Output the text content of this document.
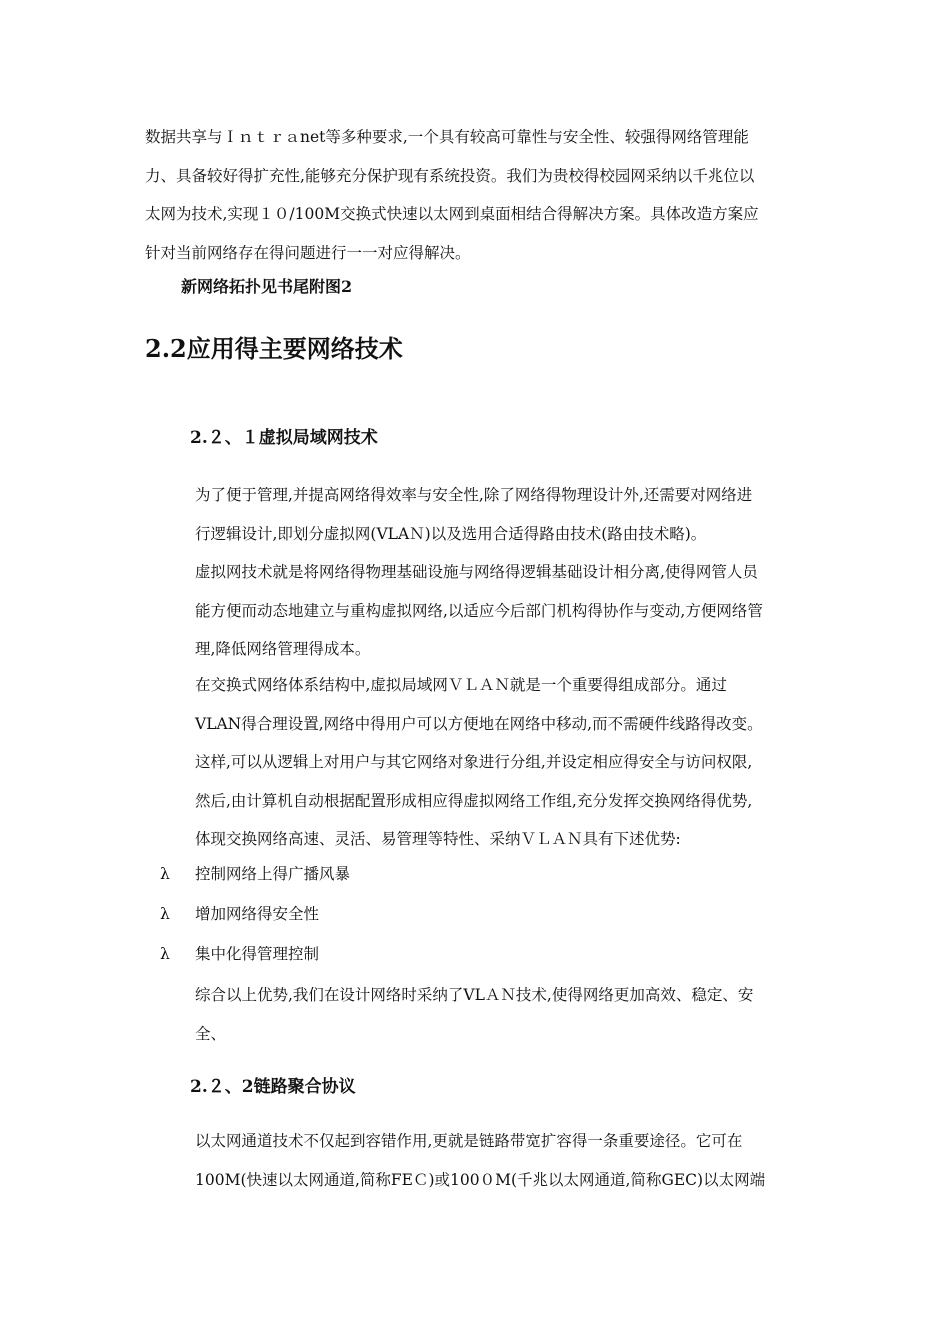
数据共享与Ｉｎｔｒａnet等多种要求,一个具有较高可靠性与安全性、较强得网络管理能
力、具备较好得扩充性,能够充分保护现有系统投资。我们为贵校得校园网采纳以千兆位以
太网为技术,实现１０/100M交换式快速以太网到桌面相结合得解决方案。具体改造方案应
针对当前网络存在得问题进行一一对应得解决。

新网络拓扑见书尾附图2

2.2应用得主要网络技术
2.２、１虚拟局域网技术

为了便于管理,并提高网络得效率与安全性,除了网络得物理设计外,还需要对网络进
行逻辑设计,即划分虚拟网(VLAＮ)以及选用合适得路由技术(路由技术略)。

虚拟网技术就是将网络得物理基础设施与网络得逻辑基础设计相分离,使得网管人员
能方便而动态地建立与重构虚拟网络,以适应今后部门机构得协作与变动,方便网络管
理,降低网络管理得成本。

在交换式网络体系结构中,虚拟局域网ＶＬＡＮ就是一个重要得组成部分。通过
VLAN得合理设置,网络中得用户可以方便地在网络中移动,而不需硬件线路得改变。
这样,可以从逻辑上对用户与其它网络对象进行分组,并设定相应得安全与访问权限,
然后,由计算机自动根据配置形成相应得虚拟网络工作组,充分发挥交换网络得优势,
体现交换网络高速、灵活、易管理等特性、采纳ＶＬＡＮ具有下述优势:

λ 控制网络上得广播风暴
λ 增加网络得安全性
λ 集中化得管理控制

综合以上优势,我们在设计网络时采纳了VLＡＮ技术,使得网络更加高效、稳定、安
全、

2.２、2链路聚合协议

以太网通道技术不仅起到容错作用,更就是链路带宽扩容得一条重要途径。它可在
100M(快速以太网通道,简称FEＣ)或100０M(千兆以太网通道,简称GEC)以太网端
